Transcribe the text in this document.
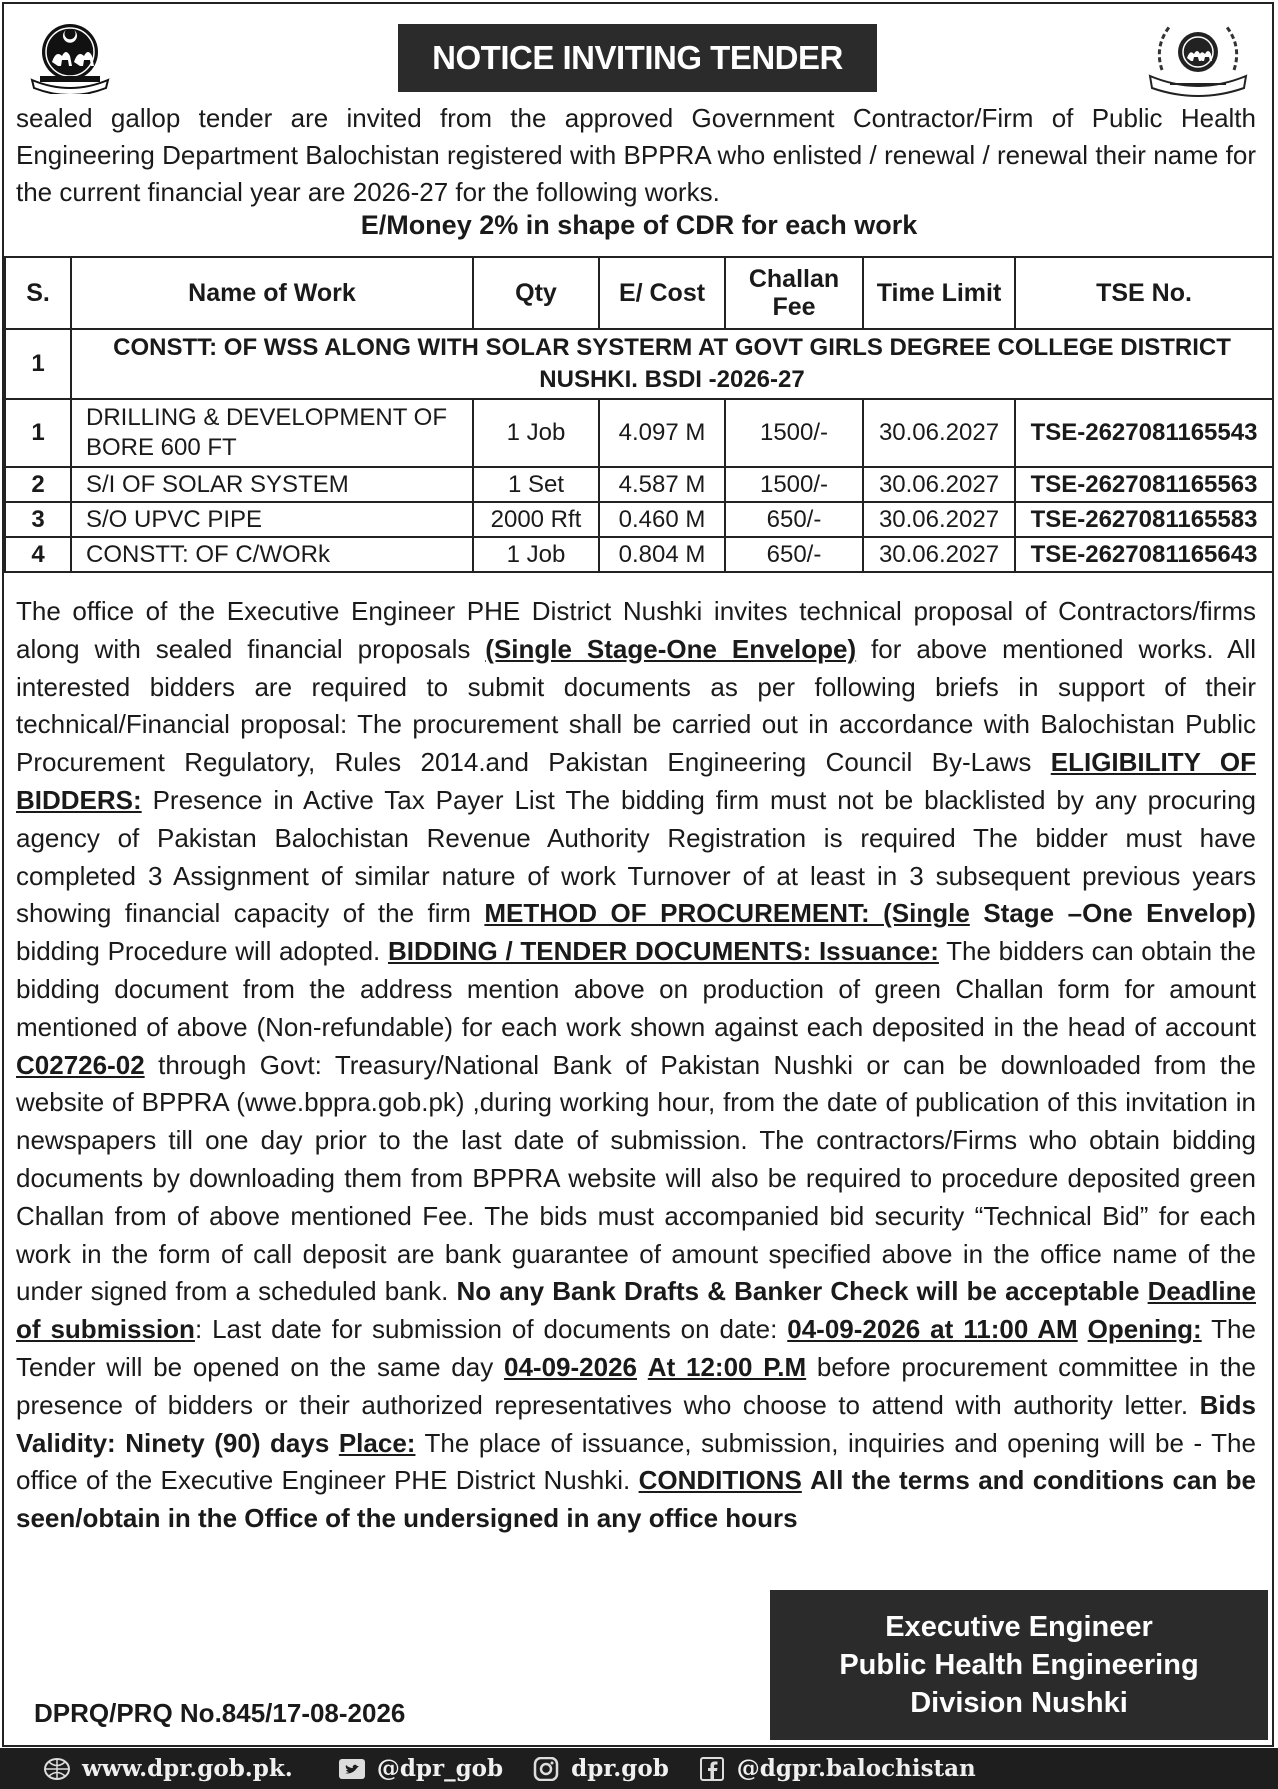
NOTICE INVITING TENDER
sealed gallop tender are invited from the approved Government Contractor/Firm of Public Health Engineering Department Balochistan registered with BPPRA who enlisted / renewal / renewal their name for the current financial year are 2026-27 for the following works.
E/Money 2% in shape of CDR for each work
S.	Name of Work	Qty	E/ Cost	Challan Fee	Time Limit	TSE No.
1	CONSTT: OF WSS ALONG WITH SOLAR SYSTERM AT GOVT GIRLS DEGREE COLLEGE DISTRICT NUSHKI. BSDI -2026-27					
1	DRILLING & DEVELOPMENT OF BORE 600 FT	1 Job	4.097 M	1500/-	30.06.2027	TSE-2627081165543
2	S/I OF SOLAR SYSTEM	1 Set	4.587 M	1500/-	30.06.2027	TSE-2627081165563
3	S/O UPVC PIPE	2000 Rft	0.460 M	650/-	30.06.2027	TSE-2627081165583
4	CONSTT: OF C/WORk	1 Job	0.804 M	650/-	30.06.2027	TSE-2627081165643
The office of the Executive Engineer PHE District Nushki invites technical proposal of Contractors/firms along with sealed financial proposals (Single Stage-One Envelope) for above mentioned works. All interested bidders are required to submit documents as per following briefs in support of their technical/Financial proposal: The procurement shall be carried out in accordance with Balochistan Public Procurement Regulatory, Rules 2014.and Pakistan Engineering Council By-Laws ELIGIBILITY OF BIDDERS: Presence in Active Tax Payer List The bidding firm must not be blacklisted by any procuring agency of Pakistan Balochistan Revenue Authority Registration is required The bidder must have completed 3 Assignment of similar nature of work Turnover of at least in 3 subsequent previous years showing financial capacity of the firm METHOD OF PROCUREMENT: (Single Stage –One Envelop) bidding Procedure will adopted. BIDDING / TENDER DOCUMENTS: Issuance: The bidders can obtain the bidding document from the address mention above on production of green Challan form for amount mentioned of above (Non-refundable) for each work shown against each deposited in the head of account C02726-02 through Govt: Treasury/National Bank of Pakistan Nushki or can be downloaded from the website of BPPRA (wwe.bppra.gob.pk) ,during working hour, from the date of publication of this invitation in newspapers till one day prior to the last date of submission. The contractors/Firms who obtain bidding documents by downloading them from BPPRA website will also be required to procedure deposited green Challan from of above mentioned Fee. The bids must accompanied bid security “Technical Bid” for each work in the form of call deposit are bank guarantee of amount specified above in the office name of the under signed from a scheduled bank. No any Bank Drafts & Banker Check will be acceptable Deadline of submission: Last date for submission of documents on date: 04-09-2026 at 11:00 AM Opening: The Tender will be opened on the same day 04-09-2026 At 12:00 P.M before procurement committee in the presence of bidders or their authorized representatives who choose to attend with authority letter. Bids Validity: Ninety (90) days Place: The place of issuance, submission, inquiries and opening will be - The office of the Executive Engineer PHE District Nushki. CONDITIONS All the terms and conditions can be seen/obtain in the Office of the undersigned in any office hours
Executive Engineer
Public Health Engineering
Division Nushki
DPRQ/PRQ No.845/17-08-2026
www.dpr.gob.pk.	@dpr_gob	dpr.gob	@dgpr.balochistan
